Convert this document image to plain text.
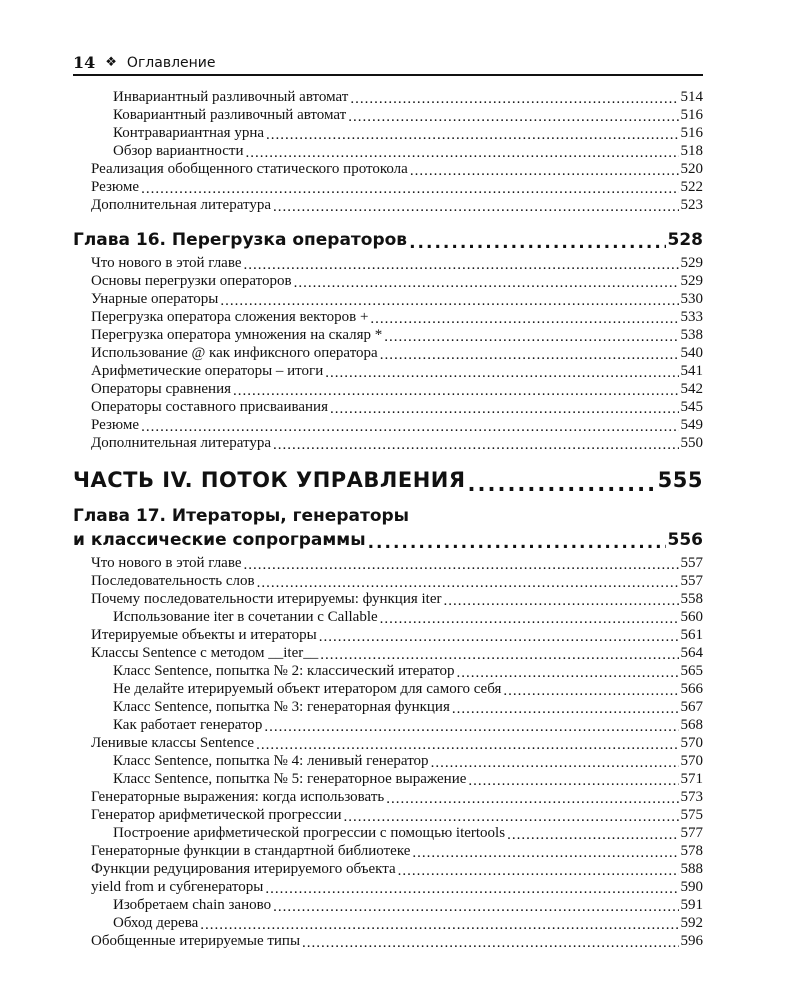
14 ❖ Оглавление
Инвариантный разливочный автомат .....	514
Ковариантный разливочный автомат .....	516
Контравариантная урна .....	516
Обзор вариантности .....	518
Реализация обобщенного статического протокола .....	520
Резюме .....	522
Дополнительная литература .....	523
Глава 16. Перегрузка операторов .....	528
Что нового в этой главе .....	529
Основы перегрузки операторов .....	529
Унарные операторы .....	530
Перегрузка оператора сложения векторов + .....	533
Перегрузка оператора умножения на скаляр * .....	538
Использование @ как инфиксного оператора .....	540
Арифметические операторы – итоги .....	541
Операторы сравнения .....	542
Операторы составного присваивания .....	545
Резюме .....	549
Дополнительная литература .....	550
ЧАСТЬ IV. ПОТОК УПРАВЛЕНИЯ .....	555
Глава 17. Итераторы, генераторы
и классические сопрограммы .....	556
Что нового в этой главе .....	557
Последовательность слов .....	557
Почему последовательности итерируемы: функция iter .....	558
Использование iter в сочетании с Callable .....	560
Итерируемые объекты и итераторы .....	561
Классы Sentence с методом __iter__ .....	564
Класс Sentence, попытка № 2: классический итератор .....	565
Не делайте итерируемый объект итератором для самого себя .....	566
Класс Sentence, попытка № 3: генераторная функция .....	567
Как работает генератор .....	568
Ленивые классы Sentence .....	570
Класс Sentence, попытка № 4: ленивый генератор .....	570
Класс Sentence, попытка № 5: генераторное выражение .....	571
Генераторные выражения: когда использовать .....	573
Генератор арифметической прогрессии .....	575
Построение арифметической прогрессии с помощью itertools .....	577
Генераторные функции в стандартной библиотеке .....	578
Функции редуцирования итерируемого объекта .....	588
yield from и субгенераторы .....	590
Изобретаем chain заново .....	591
Обход дерева .....	592
Обобщенные итерируемые типы .....	596
